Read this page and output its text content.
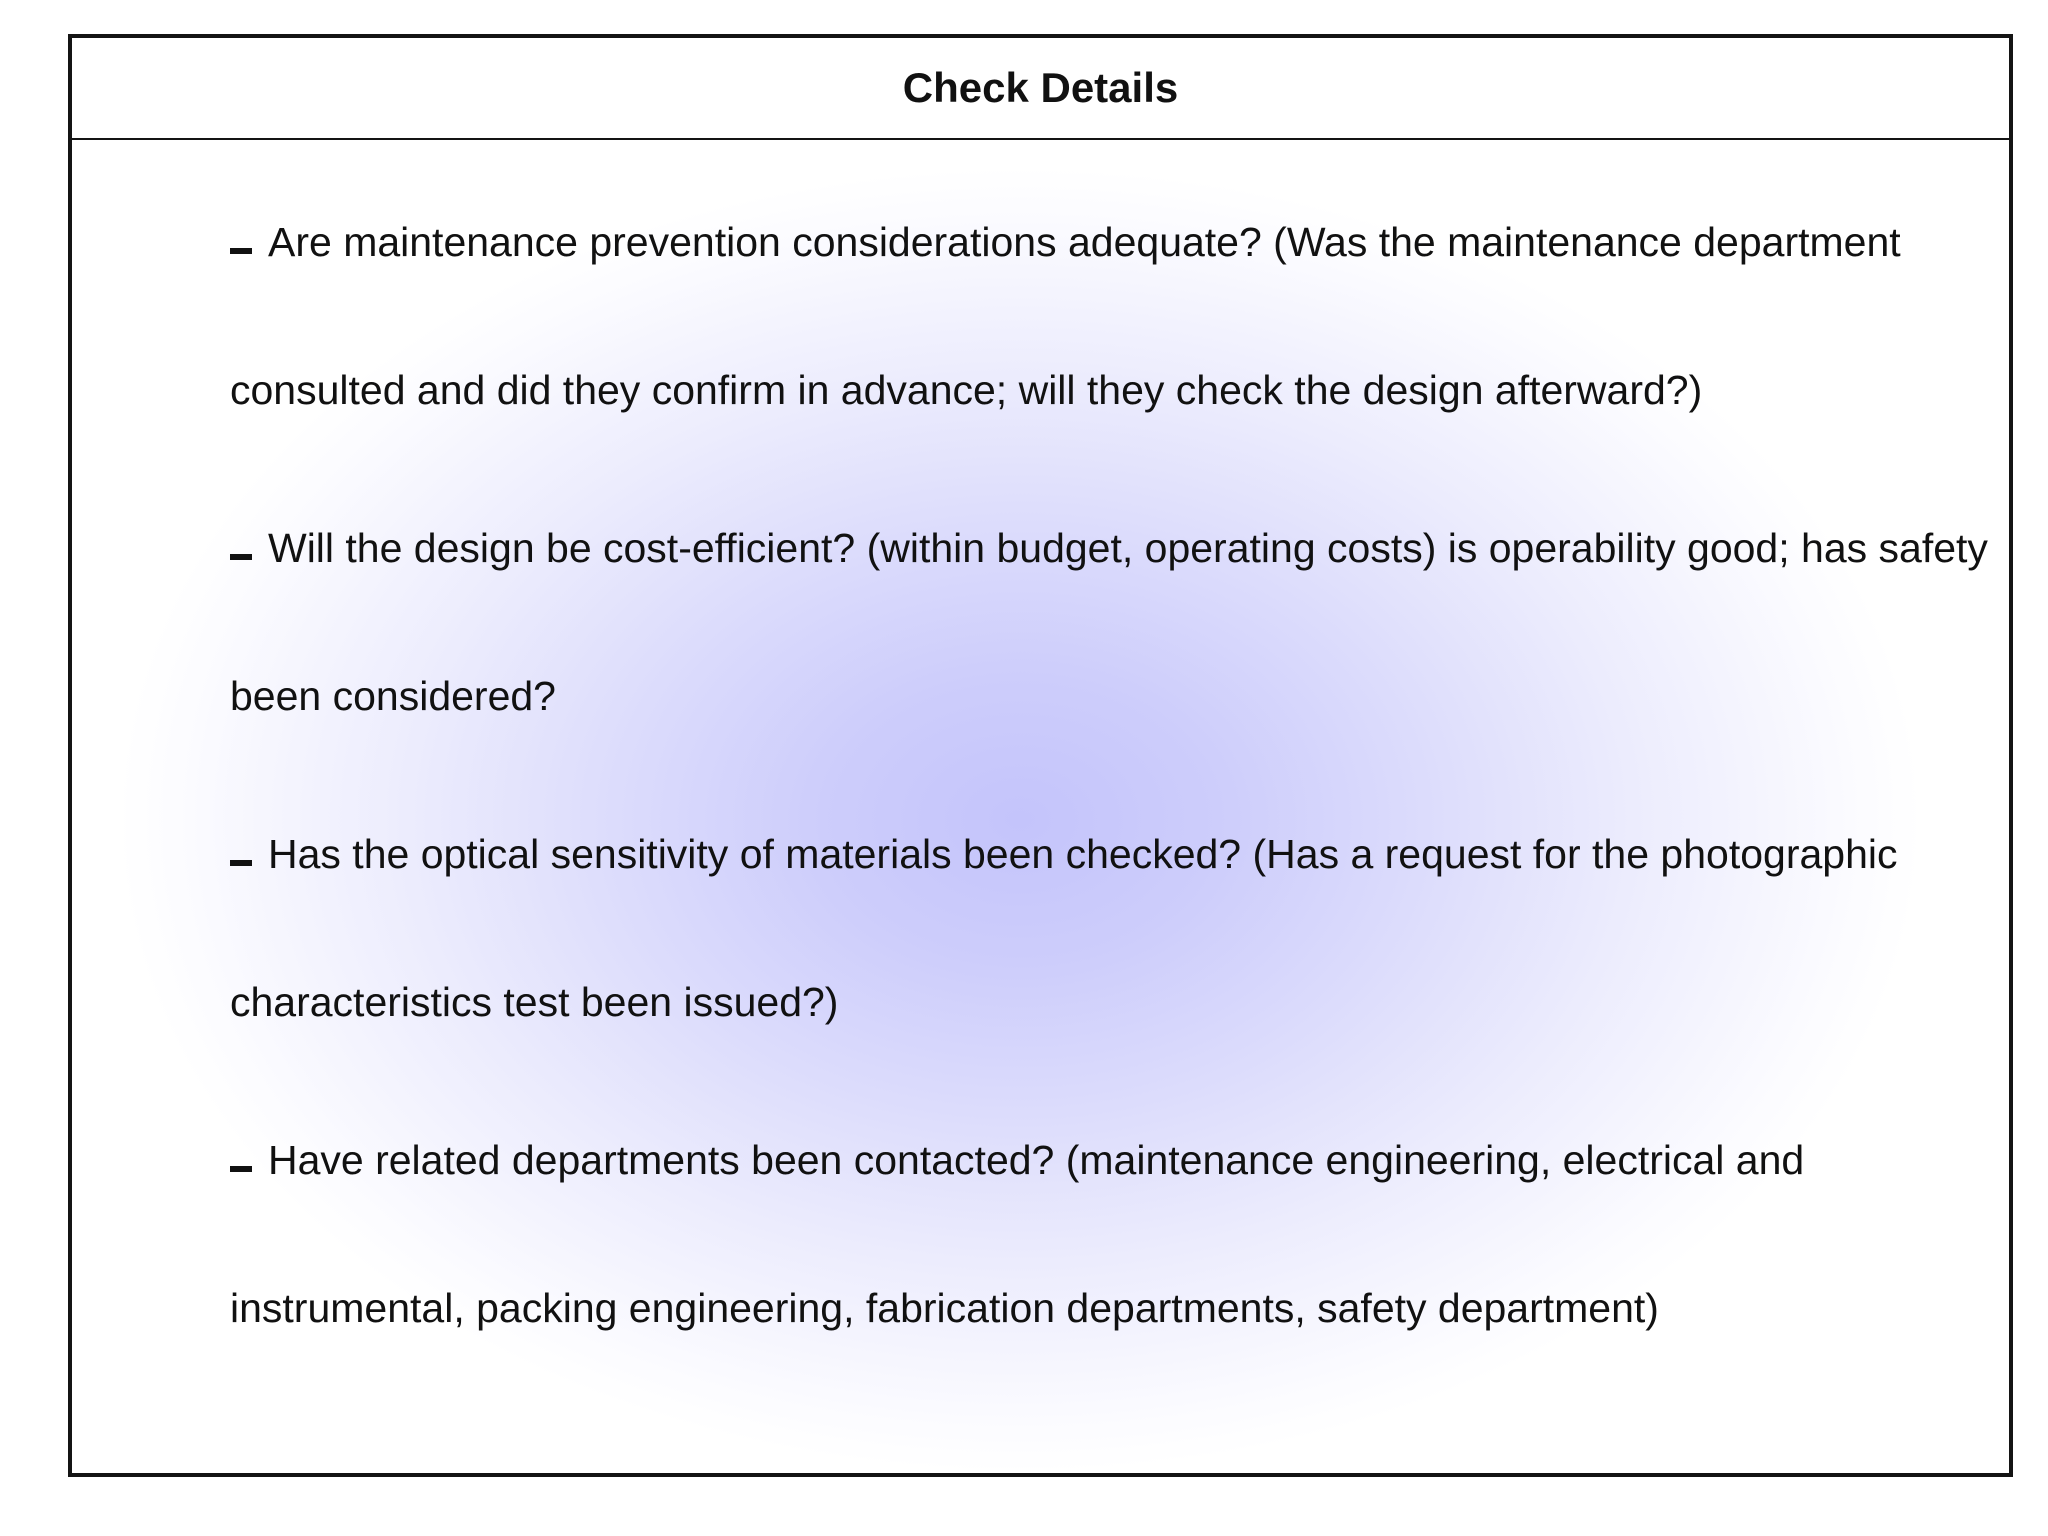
Check Details

Are maintenance prevention considerations adequate? (Was the maintenance department consulted and did they confirm in advance; will they check the design afterward?)

Will the design be cost-efficient? (within budget, operating costs) is operability good; has safety been considered?

Has the optical sensitivity of materials been checked? (Has a request for the photographic characteristics test been issued?)

Have related departments been contacted? (maintenance engineering, electrical and instrumental, packing engineering, fabrication departments, safety department)
